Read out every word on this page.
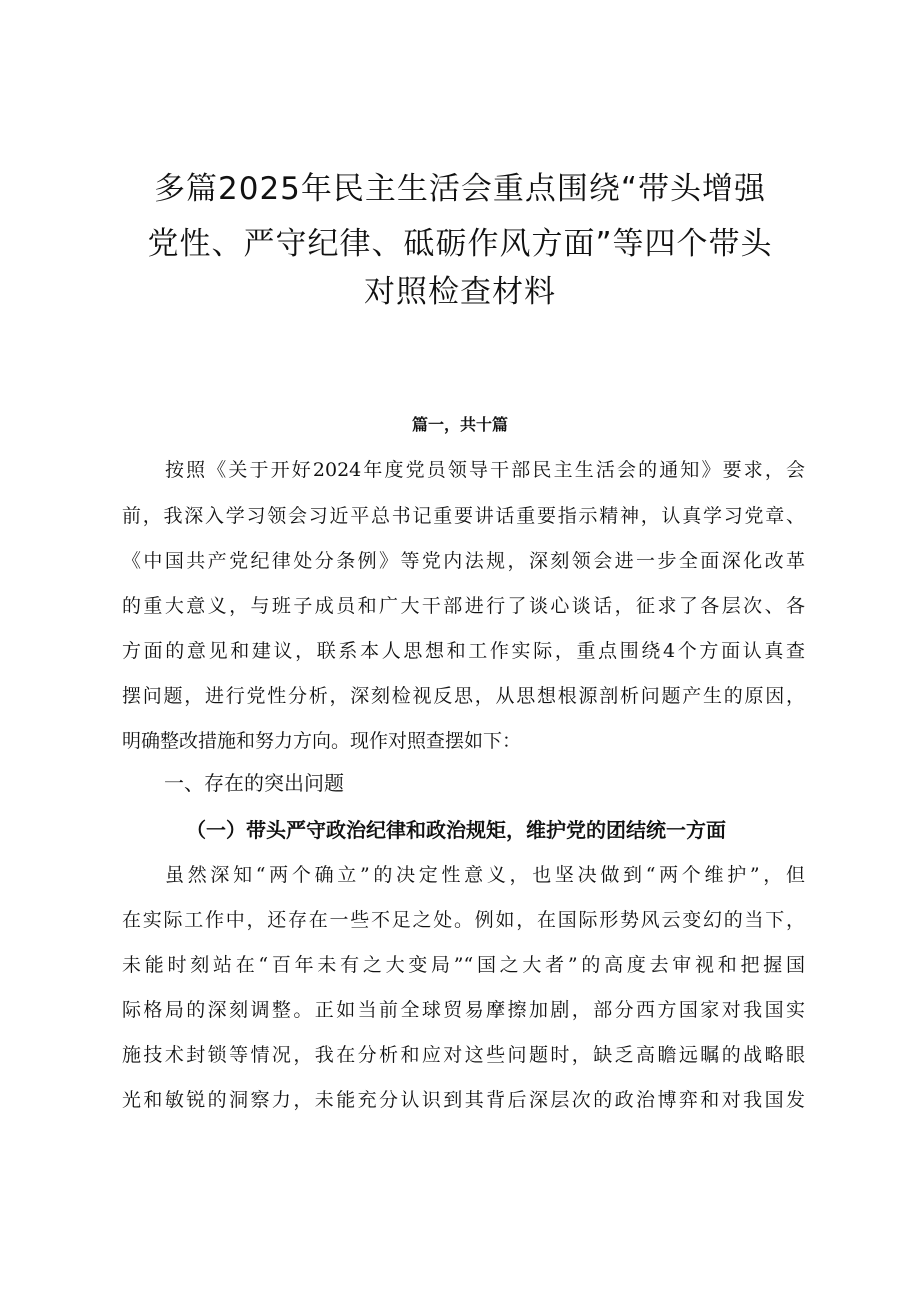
多篇2025年民主生活会重点围绕“带头增强
党性、严守纪律、砥砺作风方面”等四个带头
对照检查材料
篇一，共十篇
按照《关于开好2024年度党员领导干部民主生活会的通知》要求，会
前，我深入学习领会习近平总书记重要讲话重要指示精神，认真学习党章、
《中国共产党纪律处分条例》等党内法规，深刻领会进一步全面深化改革
的重大意义，与班子成员和广大干部进行了谈心谈话，征求了各层次、各
方面的意见和建议，联系本人思想和工作实际，重点围绕4个方面认真查
摆问题，进行党性分析，深刻检视反思，从思想根源剖析问题产生的原因，
明确整改措施和努力方向。现作对照查摆如下：
一、存在的突出问题
（一）带头严守政治纪律和政治规矩，维护党的团结统一方面
虽然深知“两个确立”的决定性意义，也坚决做到“两个维护”，但
在实际工作中，还存在一些不足之处。例如，在国际形势风云变幻的当下，
未能时刻站在“百年未有之大变局”“国之大者”的高度去审视和把握国
际格局的深刻调整。正如当前全球贸易摩擦加剧，部分西方国家对我国实
施技术封锁等情况，我在分析和应对这些问题时，缺乏高瞻远瞩的战略眼
光和敏锐的洞察力，未能充分认识到其背后深层次的政治博弈和对我国发
